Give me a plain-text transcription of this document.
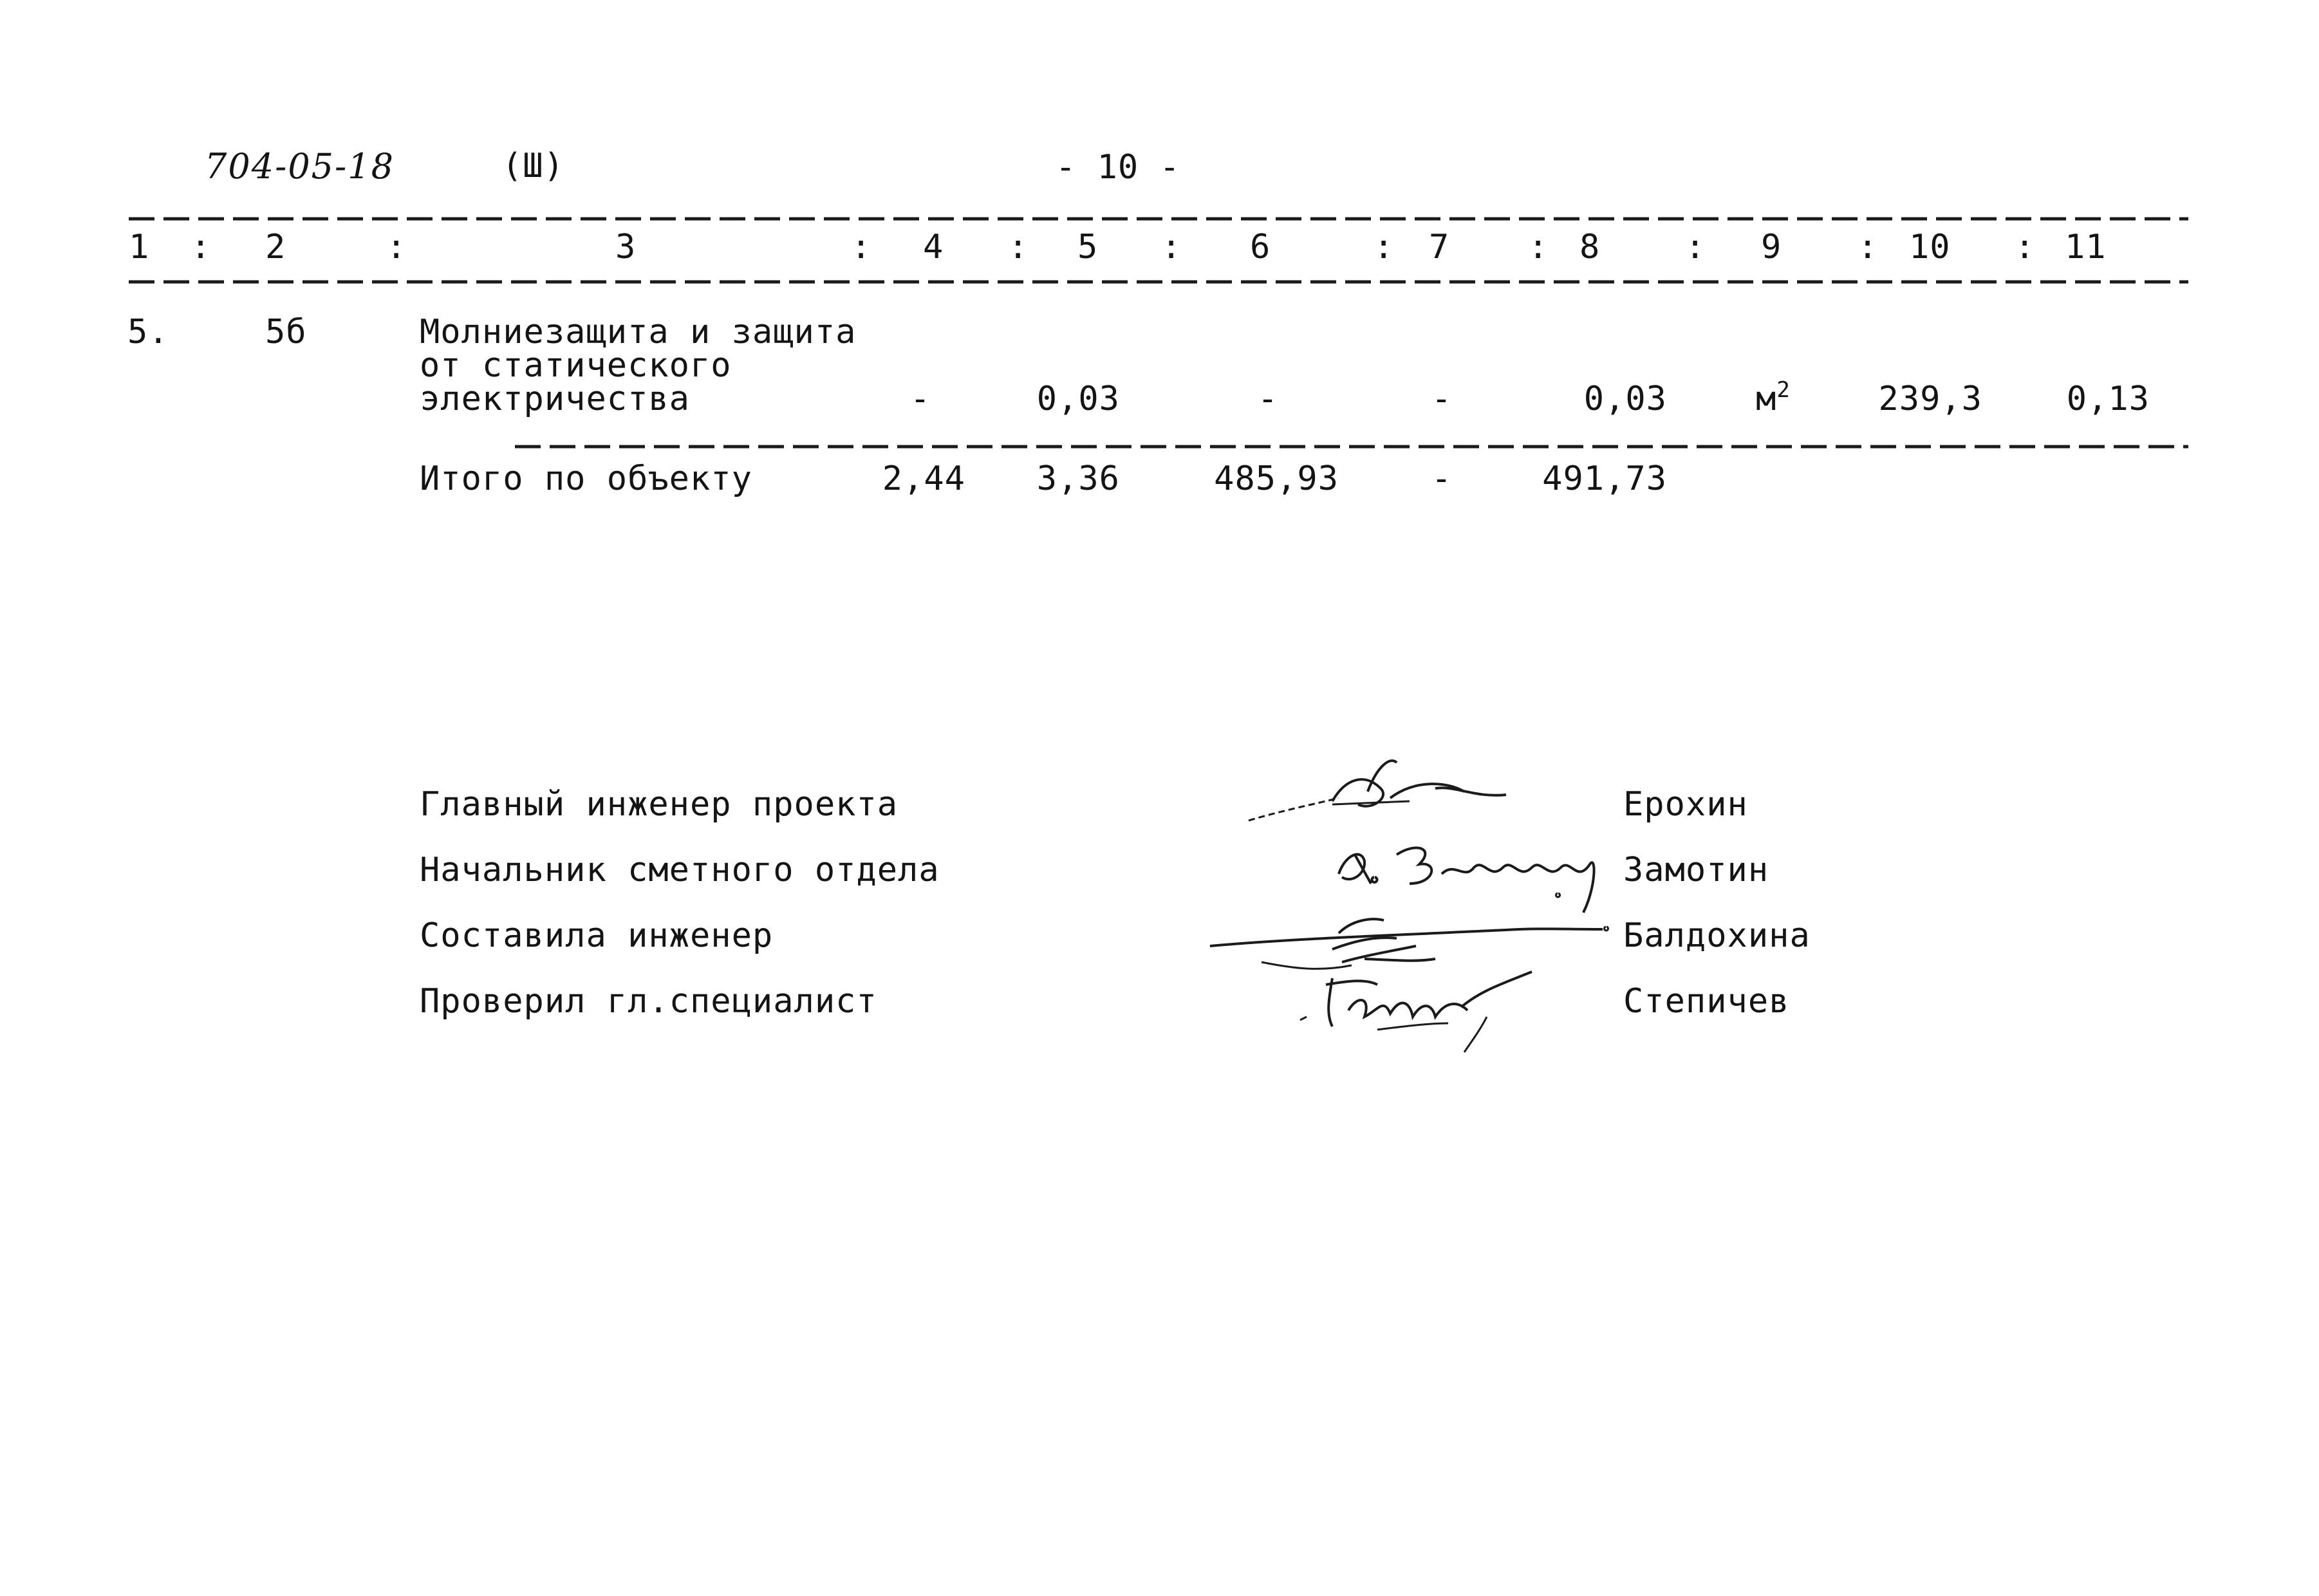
704-05-18	(Ш)	- 10 -
1 : 2	:	3	: 4 : 5 : 6	: 7 : 8	: 9 : 10 : 11
5.	5б	Молниезащита и защита
от статического
электричества	-	0,03	-	-	0,03	$м^2$	239,3	0,13
Итого по объекту	2,44	3,36	485,93	-	491,73
Главный инженер проекта	Ерохин
Начальник сметного отдела	Замотин
Составила инженер	Балдохина
Проверил гл.специалист	Степичев
